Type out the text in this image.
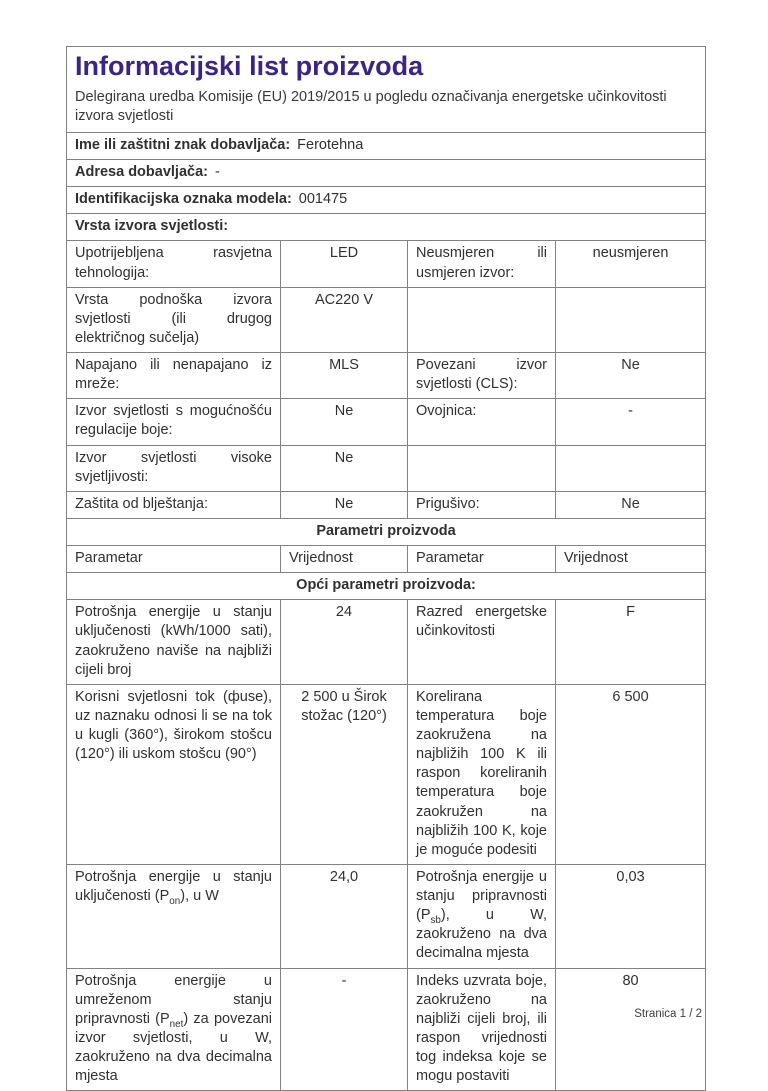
Informacijski list proizvoda

Delegirana uredba Komisije (EU) 2019/2015 u pogledu označivanja energetske učinkovitosti izvora svjetlosti

Ime ili zaštitni znak dobavljača: Ferotehna			
Adresa dobavljača: -			
Identifikacijska oznaka modela: 001475			
Vrsta izvora svjetlosti:			
Upotrijebljena rasvjetna tehnologija:	LED	Neusmjeren ili usmjeren izvor:	neusmjeren
Vrsta podnoška izvora svjetlosti (ili drugog električnog sučelja)	AC220 V		
Napajano ili nenapajano iz mreže:	MLS	Povezani izvor svjetlosti (CLS):	Ne
Izvor svjetlosti s mogućnošću regulacije boje:	Ne	Ovojnica:	-
Izvor svjetlosti visoke svjetljivosti:	Ne		
Zaštita od blještanja:	Ne	Prigušivo:	Ne
Parametri proizvoda			
Parametar	Vrijednost	Parametar	Vrijednost
Opći parametri proizvoda:			
Potrošnja energije u stanju uključenosti (kWh/1000 sati), zaokruženo naviše na najbliži cijeli broj	24	Razred energetske učinkovitosti	F
Korisni svjetlosni tok (фuse), uz naznaku odnosi li se na tok u kugli (360°), širokom stošcu (120°) ili uskom stošcu (90°)	2 500 u Širok stožac (120°)	Korelirana temperatura boje zaokružena na najbližih 100 K ili raspon koreliranih temperatura boje zaokružen na najbližih 100 K, koje je moguće podesiti	6 500
Potrošnja energije u stanju uključenosti $(P_{on})$, u W	24,0	Potrošnja energije u stanju pripravnosti $(P_{sb})$, u W, zaokruženo na dva decimalna mjesta	0,03
Potrošnja energije u umreženom stanju pripravnosti $(P_{net})$ za povezani izvor svjetlosti, u W, zaokruženo na dva decimalna mjesta	-	Indeks uzvrata boje, zaokruženo na najbliži cijeli broj, ili raspon vrijednosti tog indeksa koje se mogu postaviti	80
Stranica 1 / 2
